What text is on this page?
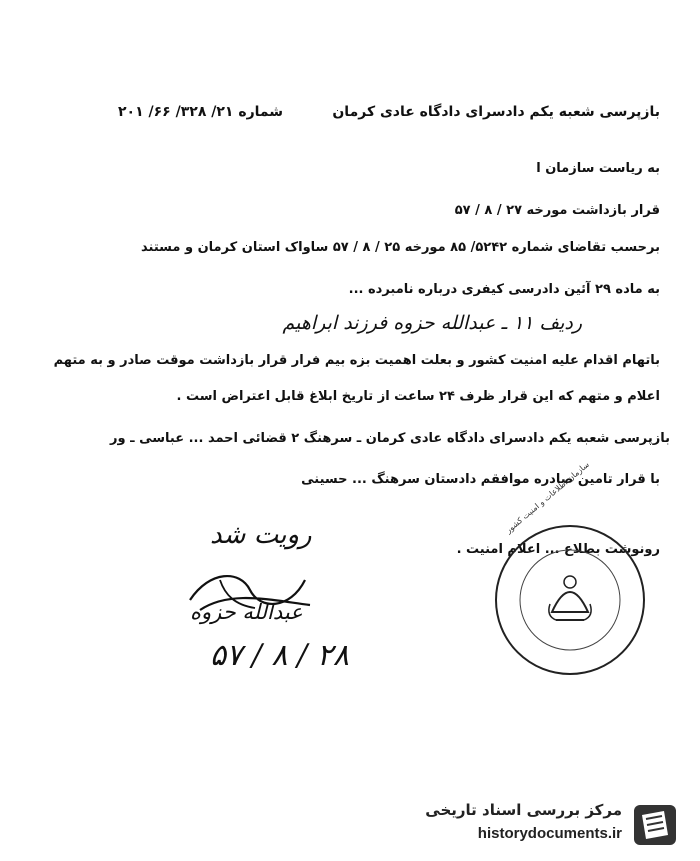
بازپرسی شعبه یکم دادسرای دادگاه عادی کرمان
شماره ۲۱/ ۳۲۸/ ۶۶/ ۲۰۱
به ریاست سازمان ا
قرار بازداشت مورخه ۲۷ / ۸ / ۵۷
برحسب تقاضای شماره ۵۲۴۲/ ۸۵ مورخه ۲۵ / ۸ / ۵۷ ساواک استان کرمان و مستند
به ماده ۲۹ آئین دادرسی کیفری درباره نامبرده ...
ردیف ۱۱ ـ عبدالله حزوه فرزند ابراهیم
باتهام اقدام علیه امنیت کشور و بعلت اهمیت بزه بیم فرار قرار بازداشت موقت صادر و به متهم
اعلام و متهم که این قرار ظرف ۲۴ ساعت از تاریخ ابلاغ قابل اعتراض است .
بازپرسی شعبه یکم دادسرای دادگاه عادی کرمان ـ سرهنگ ۲ قضائی احمد ... عباسی ـ ور
با قرار تامین صادره موافقم دادستان سرهنگ ... حسینی
رونوشت بطلاع ... اعلام امنیت .
سازمان اطلاعات و امنیت کشور
رویت شد
عبدالله حزوه
۲۸ / ۸ / ۵۷
مرکز بررسی اسناد تاریخی
historydocuments.ir
